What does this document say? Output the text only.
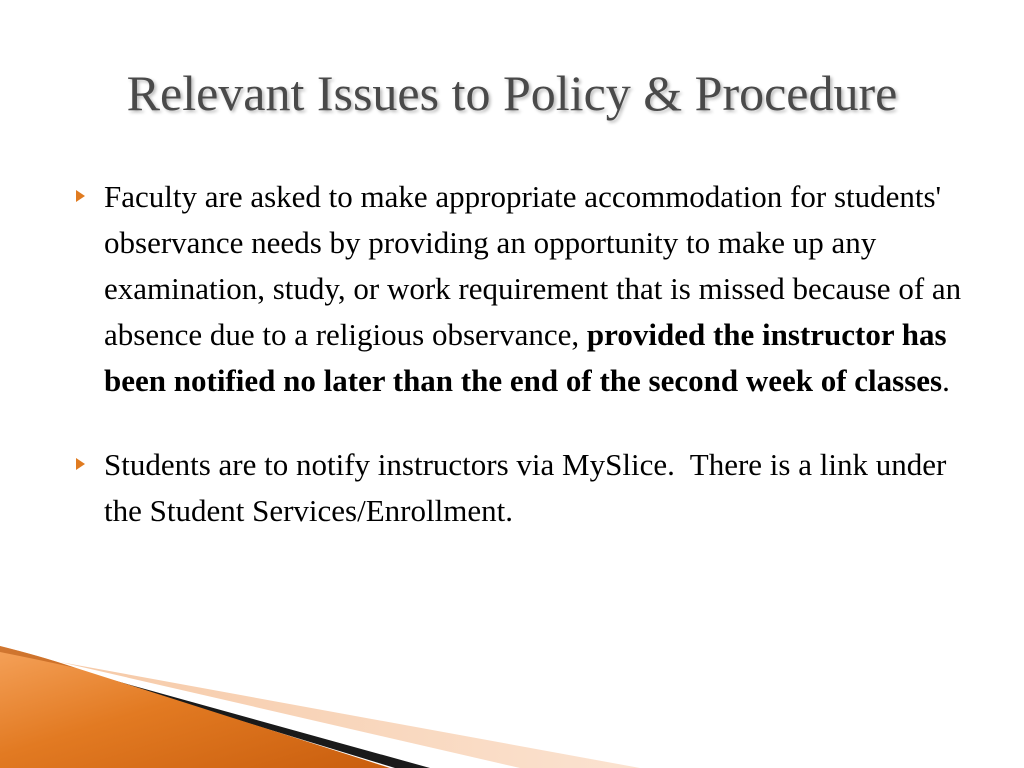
Relevant Issues to Policy & Procedure
Faculty are asked to make appropriate accommodation for students' observance needs by providing an opportunity to make up any examination, study, or work requirement that is missed because of an absence due to a religious observance, provided the instructor has been notified no later than the end of the second week of classes.
Students are to notify instructors via MySlice.  There is a link under the Student Services/Enrollment.
